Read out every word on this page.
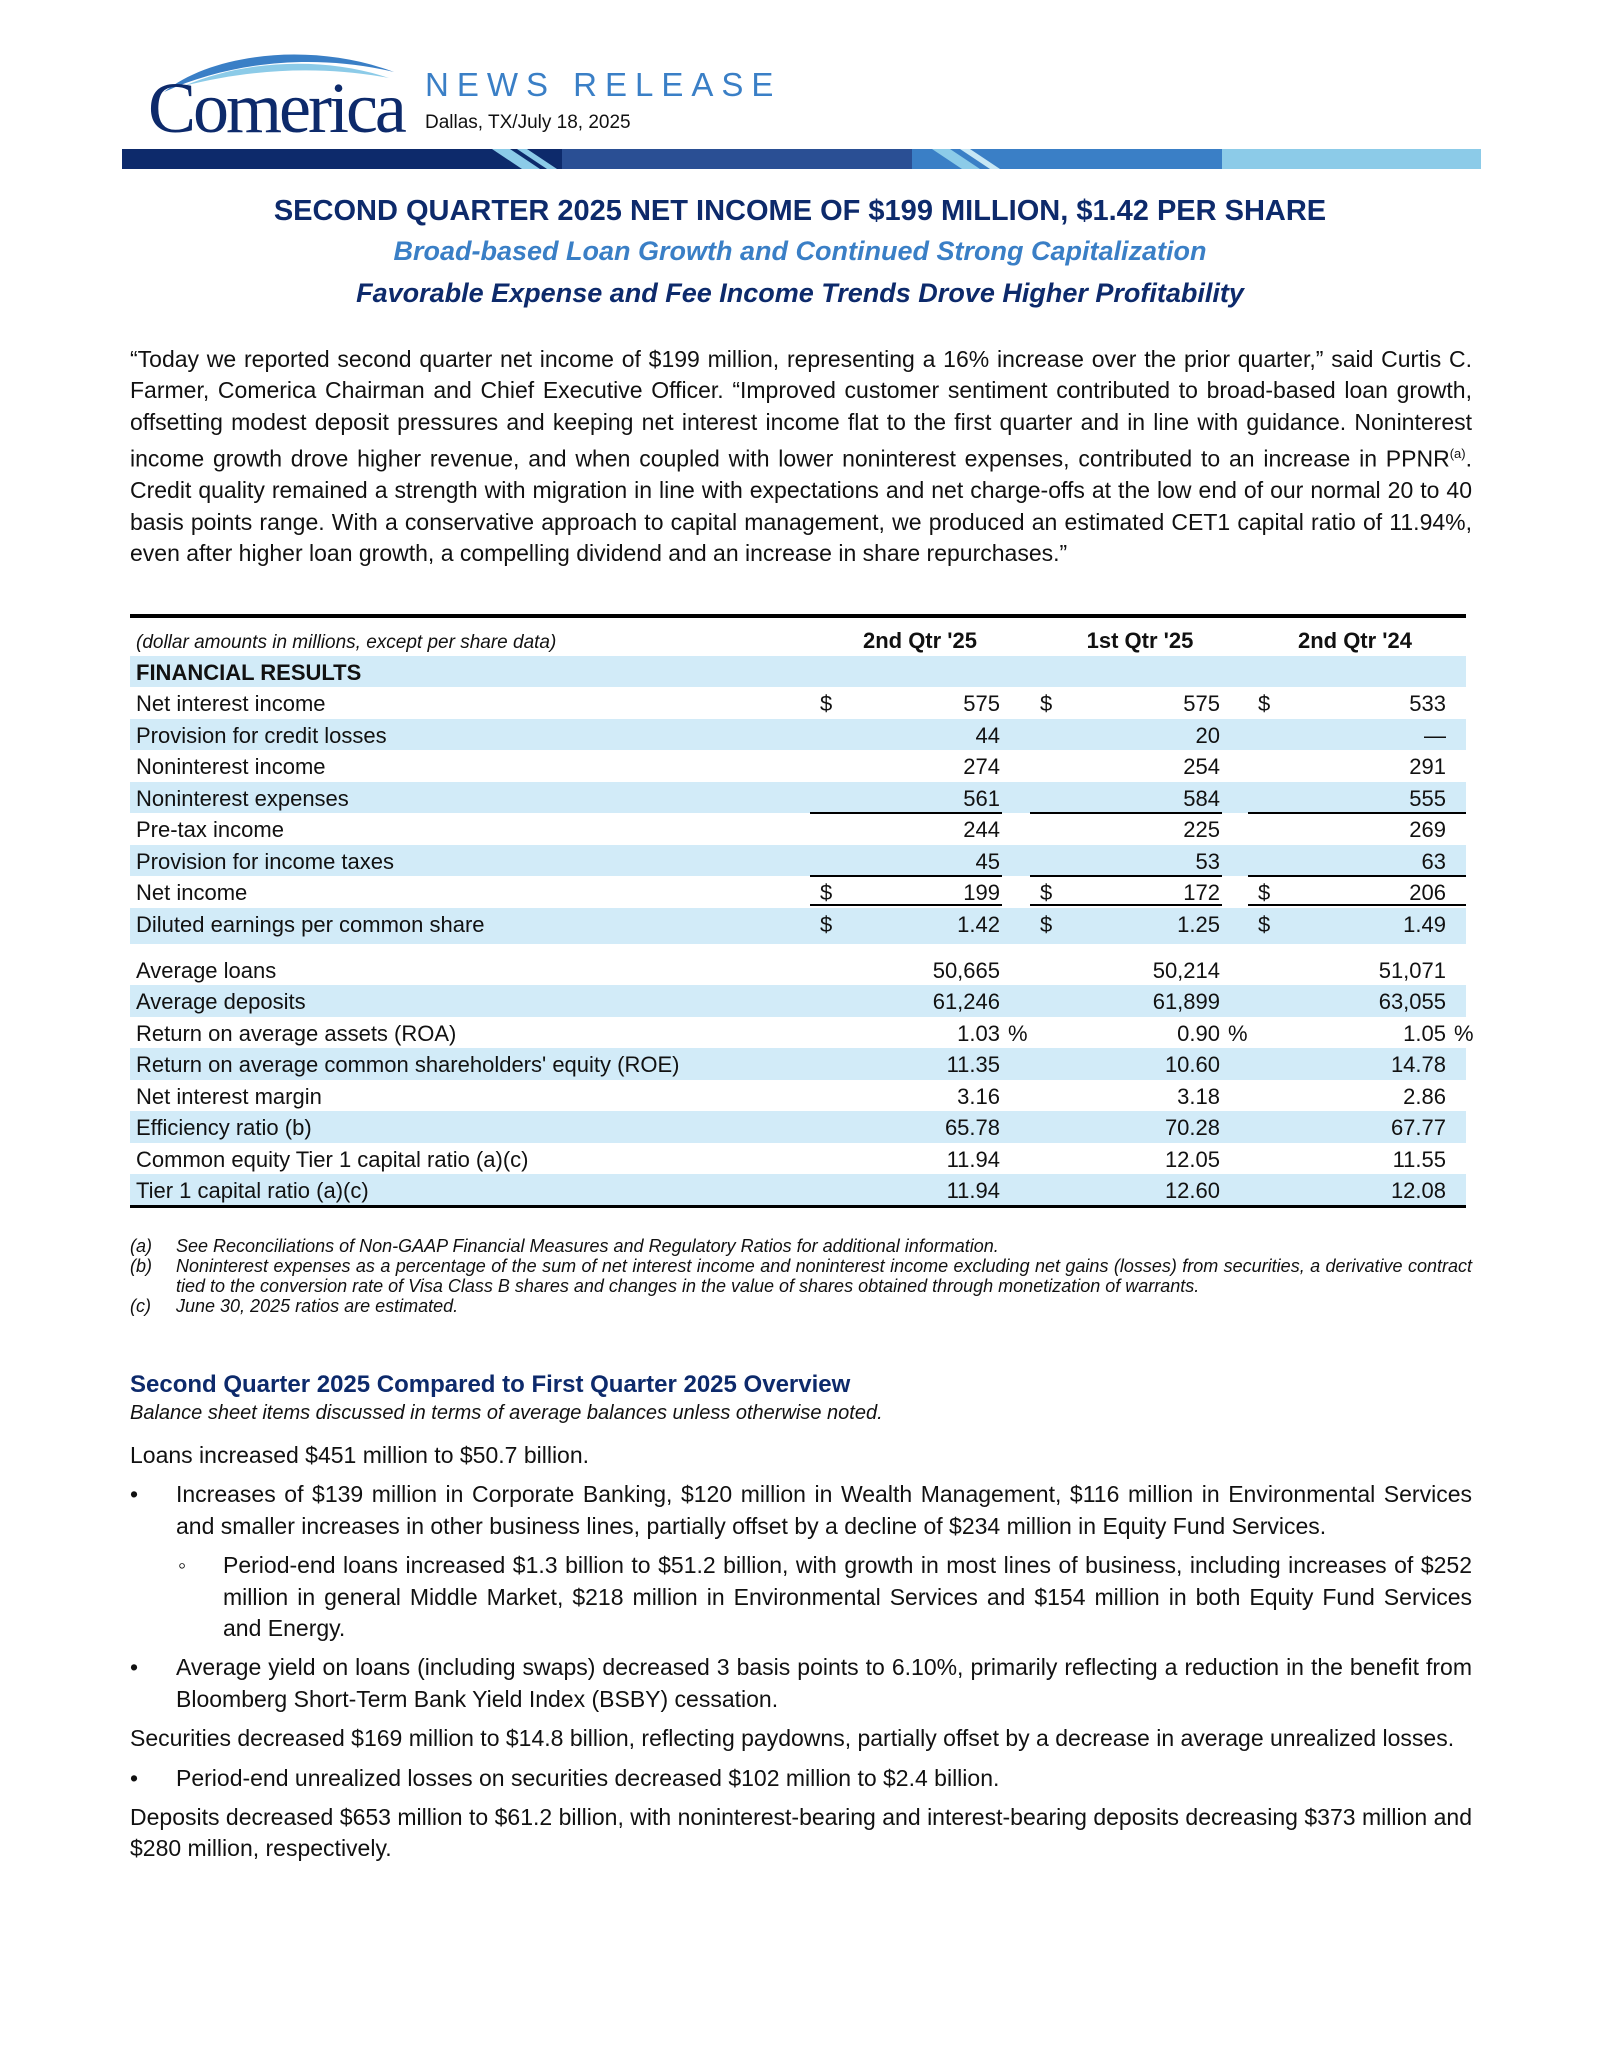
Comerica NEWS RELEASE
Dallas, TX/July 18, 2025

SECOND QUARTER 2025 NET INCOME OF $199 MILLION, $1.42 PER SHARE

Broad-based Loan Growth and Continued Strong Capitalization

Favorable Expense and Fee Income Trends Drove Higher Profitability

“Today we reported second quarter net income of $199 million, representing a 16% increase over the prior quarter,” said Curtis C. Farmer, Comerica Chairman and Chief Executive Officer. “Improved customer sentiment contributed to broad-based loan growth, offsetting modest deposit pressures and keeping net interest income flat to the first quarter and in line with guidance. Noninterest income growth drove higher revenue, and when coupled with lower noninterest expenses, contributed to an increase in PPNR$^{(a)}$. Credit quality remained a strength with migration in line with expectations and net charge-offs at the low end of our normal 20 to 40 basis points range. With a conservative approach to capital management, we produced an estimated CET1 capital ratio of 11.94%, even after higher loan growth, a compelling dividend and an increase in share repurchases.”

(dollar amounts in millions, except per share data)	2nd Qtr '25	1st Qtr '25	2nd Qtr '24
FINANCIAL RESULTS
Net interest income	$	575 $	575 $	533
Provision for credit losses	44	20	—
Noninterest income	274	254	291
Noninterest expenses	561	584	555
Pre-tax income	244	225	269
Provision for income taxes	45	53	63
Net income	$	199 $	172 $	206
Diluted earnings per common share	$	1.42 $	1.25 $	1.49
Average loans	50,665	50,214	51,071
Average deposits	61,246	61,899	63,055
Return on average assets (ROA)	1.03 %	0.90 %	1.05 %
Return on average common shareholders' equity (ROE)	11.35	10.60	14.78
Net interest margin	3.16	3.18	2.86
Efficiency ratio (b)	65.78	70.28	67.77
Common equity Tier 1 capital ratio (a)(c)	11.94	12.05	11.55
Tier 1 capital ratio (a)(c)	11.94	12.60	12.08
(a) See Reconciliations of Non-GAAP Financial Measures and Regulatory Ratios for additional information.
(b) Noninterest expenses as a percentage of the sum of net interest income and noninterest income excluding net gains (losses) from securities, a derivative contract tied to the conversion rate of Visa Class B shares and changes in the value of shares obtained through monetization of warrants.
(c) June 30, 2025 ratios are estimated.

Second Quarter 2025 Compared to First Quarter 2025 Overview

Balance sheet items discussed in terms of average balances unless otherwise noted.

Loans increased $451 million to $50.7 billion.

• Increases of $139 million in Corporate Banking, $120 million in Wealth Management, $116 million in Environmental Services and smaller increases in other business lines, partially offset by a decline of $234 million in Equity Fund Services.
◦ Period-end loans increased $1.3 billion to $51.2 billion, with growth in most lines of business, including increases of $252 million in general Middle Market, $218 million in Environmental Services and $154 million in both Equity Fund Services and Energy.
• Average yield on loans (including swaps) decreased 3 basis points to 6.10%, primarily reflecting a reduction in the benefit from Bloomberg Short-Term Bank Yield Index (BSBY) cessation.

Securities decreased $169 million to $14.8 billion, reflecting paydowns, partially offset by a decrease in average unrealized losses.

• Period-end unrealized losses on securities decreased $102 million to $2.4 billion.

Deposits decreased $653 million to $61.2 billion, with noninterest-bearing and interest-bearing deposits decreasing $373 million and $280 million, respectively.
